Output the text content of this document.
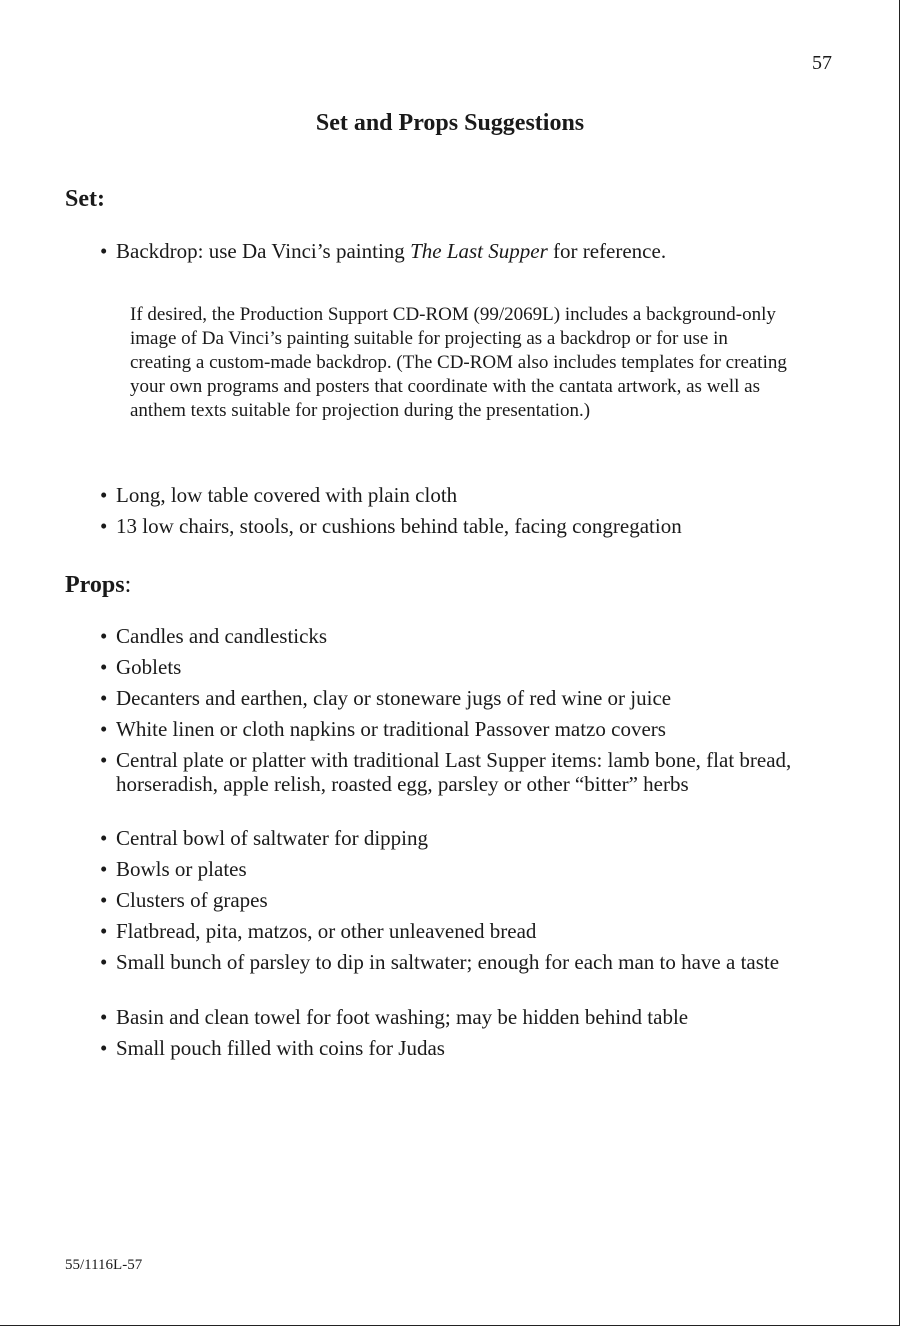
57
Set and Props Suggestions
Set:
• Backdrop: use Da Vinci’s painting The Last Supper for reference.
If desired, the Production Support CD-ROM (99/2069L) includes a background-only image of Da Vinci’s painting suitable for projecting as a backdrop or for use in creating a custom-made backdrop. (The CD-ROM also includes templates for creating your own programs and posters that coordinate with the cantata artwork, as well as anthem texts suitable for projection during the presentation.)
• Long, low table covered with plain cloth
• 13 low chairs, stools, or cushions behind table, facing congregation
Props:
• Candles and candlesticks
• Goblets
• Decanters and earthen, clay or stoneware jugs of red wine or juice
• White linen or cloth napkins or traditional Passover matzo covers
• Central plate or platter with traditional Last Supper items: lamb bone, flat bread, horseradish, apple relish, roasted egg, parsley or other “bitter” herbs
• Central bowl of saltwater for dipping
• Bowls or plates
• Clusters of grapes
• Flatbread, pita, matzos, or other unleavened bread
• Small bunch of parsley to dip in saltwater; enough for each man to have a taste
• Basin and clean towel for foot washing; may be hidden behind table
• Small pouch filled with coins for Judas
55/1116L-57
